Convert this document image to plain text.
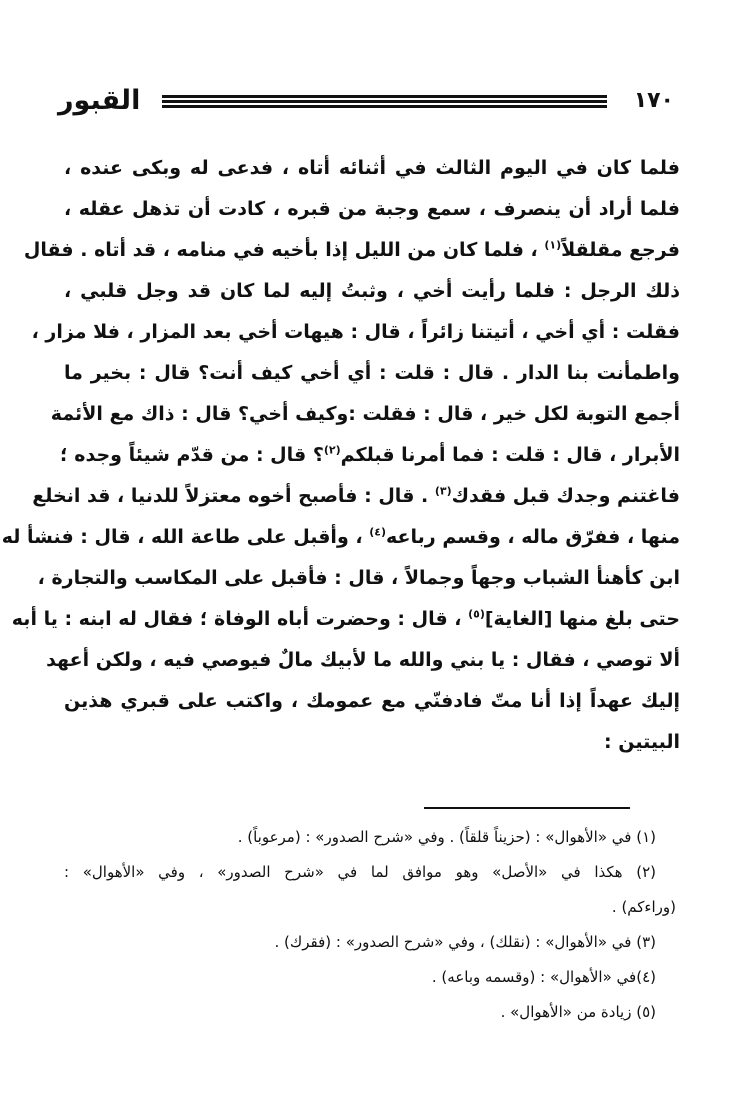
القبور	١٧٠
فلما كان في اليوم الثالث في أثنائه أتاه ، فدعى له وبكى عنده ،
فلما أراد أن ينصرف ، سمع وجبة من قبره ، كادت أن تذهل عقله ،
فرجع مقلقلاً$^{(١)}$ ، فلما كان من الليل إذا بأخيه في منامه ، قد أتاه . فقال
ذلك الرجل : فلما رأيت أخي ، وثبتُ إليه لما كان قد وجل قلبي ،
فقلت : أي أخي ، أتيتنا زائراً ، قال : هيهات أخي بعد المزار ، فلا مزار ،
واطمأنت بنا الدار . قال : قلت : أي أخي كيف أنت؟ قال : بخير ما
أجمع التوبة لكل خير ، قال : فقلت :وكيف أخي؟ قال : ذاك مع الأئمة
الأبرار ، قال : قلت : فما أمرنا قبلكم$^{(٢)}$؟ قال : من قدّم شيئاً وجده ؛
فاغتنم وجدك قبل فقدك$^{(٣)}$ . قال : فأصبح أخوه معتزلاً للدنيا ، قد انخلع
منها ، ففرّق ماله ، وقسم رباعه$^{(٤)}$ ، وأقبل على طاعة الله ، قال : فنشأ له
ابن كأهنأ الشباب وجهاً وجمالاً ، قال : فأقبل على المكاسب والتجارة ،
حتى بلغ منها [الغاية]$^{(٥)}$ ، قال : وحضرت أباه الوفاة ؛ فقال له ابنه : يا أبه
ألا توصي ، فقال : يا بني والله ما لأبيك مالٌ فيوصي فيه ، ولكن أعهد
إليك عهداً إذا أنا متّ فادفنّي مع عمومك ، واكتب على قبري هذين
البيتين :
(١) في «الأهوال» : (حزيناً قلقاً) . وفي «شرح الصدور» : (مرعوباً) .
(٢) هكذا في «الأصل» وهو موافق لما في «شرح الصدور» ، وفي «الأهوال» :
(وراءكم) .
(٣) في «الأهوال» : (نقلك) ، وفي «شرح الصدور» : (فقرك) .
(٤)في «الأهوال» : (وقسمه وباعه) .
(٥) زيادة من «الأهوال» .
